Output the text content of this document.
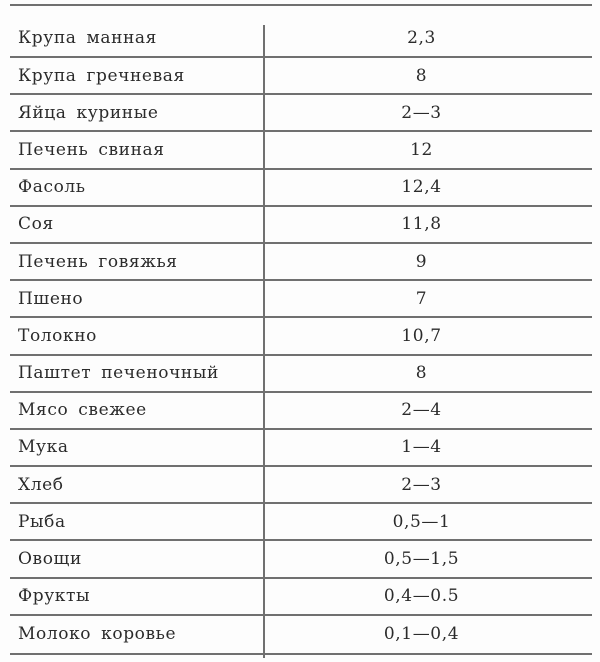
Крупа манная	2,3
Крупа гречневая	8
Яйца куриные	2—3
Печень свиная	12
Фасоль	12,4
Соя	11,8
Печень говяжья	9
Пшено	7
Толокно	10,7
Паштет печеночный	8
Мясо свежее	2—4
Мука	1—4
Хлеб	2—3
Рыба	0,5—1
Овощи	0,5—1,5
Фрукты	0,4—0.5
Молоко коровье	0,1—0,4
